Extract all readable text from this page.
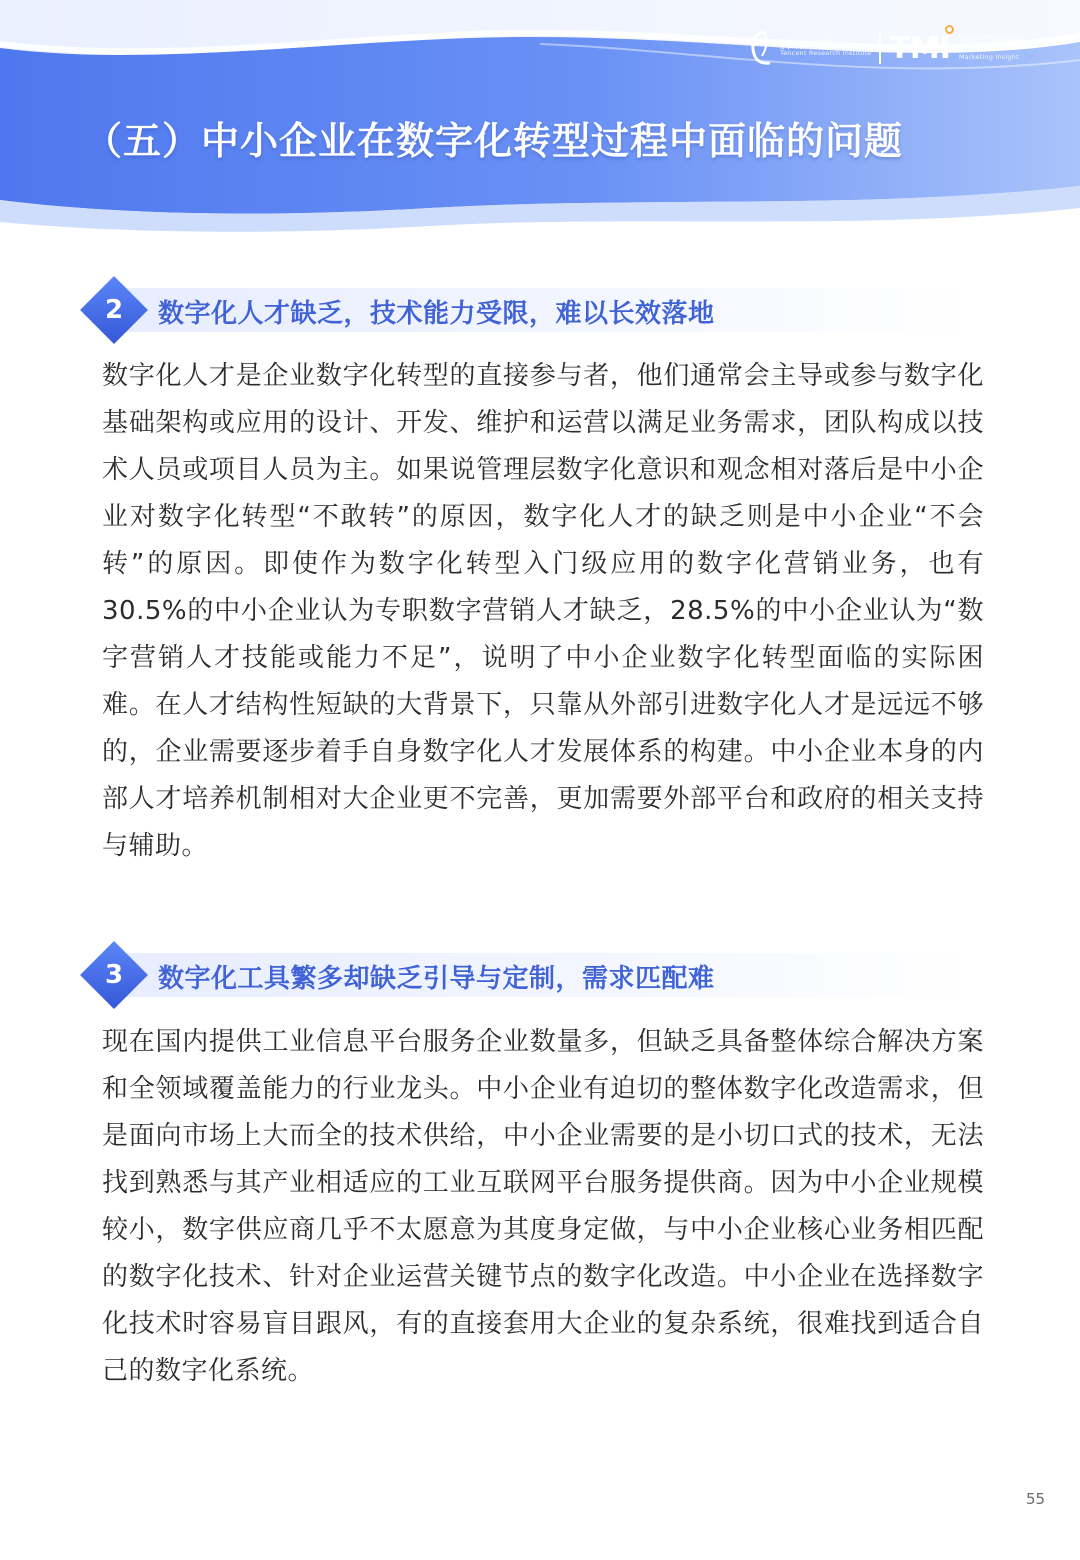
腾讯研究院
Tencent Research Institute TMI 腾讯营销洞察
Tencent
Marketing Insight
（五）中小企业在数字化转型过程中面临的问题
2	数字化人才缺乏，技术能力受限，难以长效落地

数字化人才是企业数字化转型的直接参与者，他们通常会主导或参与数字化基础架构或应用的设计、开发、维护和运营以满足业务需求，团队构成以技术人员或项目人员为主。如果说管理层数字化意识和观念相对落后是中小企业对数字化转型“不敢转”的原因，数字化人才的缺乏则是中小企业“不会转”的原因。即使作为数字化转型入门级应用的数字化营销业务，也有30.5%的中小企业认为专职数字营销人才缺乏，28.5%的中小企业认为“数字营销人才技能或能力不足”，说明了中小企业数字化转型面临的实际困难。在人才结构性短缺的大背景下，只靠从外部引进数字化人才是远远不够的，企业需要逐步着手自身数字化人才发展体系的构建。中小企业本身的内部人才培养机制相对大企业更不完善，更加需要外部平台和政府的相关支持与辅助。

3	数字化工具繁多却缺乏引导与定制，需求匹配难

现在国内提供工业信息平台服务企业数量多，但缺乏具备整体综合解决方案和全领域覆盖能力的行业龙头。中小企业有迫切的整体数字化改造需求，但是面向市场上大而全的技术供给，中小企业需要的是小切口式的技术，无法找到熟悉与其产业相适应的工业互联网平台服务提供商。因为中小企业规模较小，数字供应商几乎不太愿意为其度身定做，与中小企业核心业务相匹配的数字化技术、针对企业运营关键节点的数字化改造。中小企业在选择数字化技术时容易盲目跟风，有的直接套用大企业的复杂系统，很难找到适合自己的数字化系统。

55
